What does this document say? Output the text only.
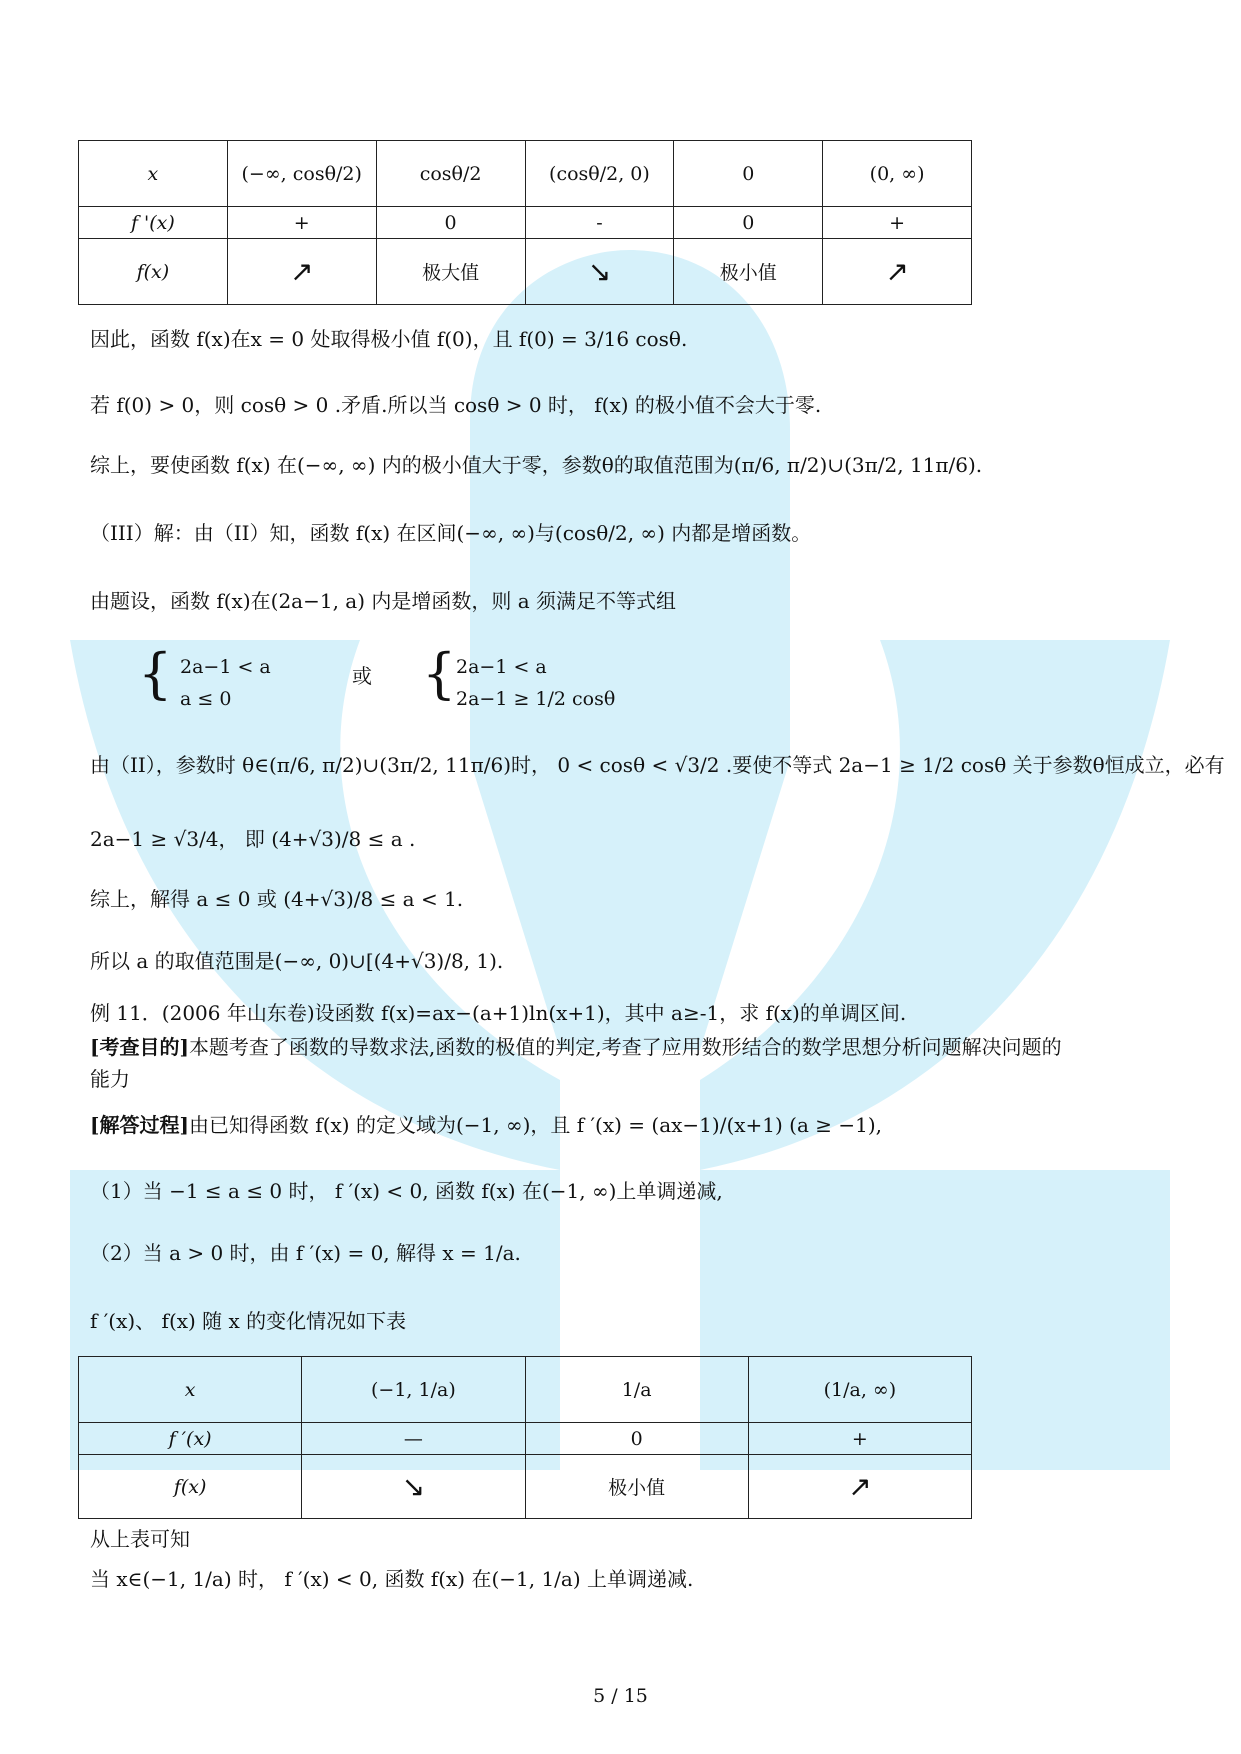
x	(−∞, cosθ/2)	cosθ/2	(cosθ/2, 0)	0	(0, ∞)
f '(x)	+	0	-	0	+
f(x)	↗	极大值	↘	极小值	↗
因此，函数 f(x)在x = 0 处取得极小值 f(0)，且 f(0) = 3/16 cosθ.
若 f(0) > 0，则 cosθ > 0 .矛盾.所以当 cosθ > 0 时， f(x) 的极小值不会大于零.
综上，要使函数 f(x) 在(−∞, ∞) 内的极小值大于零，参数θ的取值范围为(π/6, π/2)∪(3π/2, 11π/6).
（III）解：由（II）知，函数 f(x) 在区间(−∞, ∞)与(cosθ/2, ∞) 内都是增函数。
由题设，函数 f(x)在(2a−1, a) 内是增函数，则 a 须满足不等式组
{ 2a−1 < a
a ≤ 0
或 { 2a−1 < a
2a−1 ≥ 1/2 cosθ
由（II），参数时 θ∈(π/6, π/2)∪(3π/2, 11π/6)时， 0 < cosθ < √3/2 .要使不等式 2a−1 ≥ 1/2 cosθ 关于参数θ恒成立，必有
2a−1 ≥ √3/4， 即 (4+√3)/8 ≤ a .
综上，解得 a ≤ 0 或 (4+√3)/8 ≤ a < 1.
所以 a 的取值范围是(−∞, 0)∪[(4+√3)/8, 1).
例 11．(2006 年山东卷)设函数 f(x)=ax−(a+1)ln(x+1)，其中 a≥-1，求 f(x)的单调区间.
[考查目的]本题考查了函数的导数求法,函数的极值的判定,考查了应用数形结合的数学思想分析问题解决问题的
能力
[解答过程]由已知得函数 f(x) 的定义域为(−1, ∞)，且 f ′(x) = (ax−1)/(x+1) (a ≥ −1),
（1）当 −1 ≤ a ≤ 0 时， f ′(x) < 0, 函数 f(x) 在(−1, ∞)上单调递减,
（2）当 a > 0 时，由 f ′(x) = 0, 解得 x = 1/a.
f ′(x)、 f(x) 随 x 的变化情况如下表
x	(−1, 1/a)	1/a	(1/a, ∞)
f ′(x)	—	0	+
f(x)	↘	极小值	↗
从上表可知
当 x∈(−1, 1/a) 时， f ′(x) < 0, 函数 f(x) 在(−1, 1/a) 上单调递减.
5 / 15
